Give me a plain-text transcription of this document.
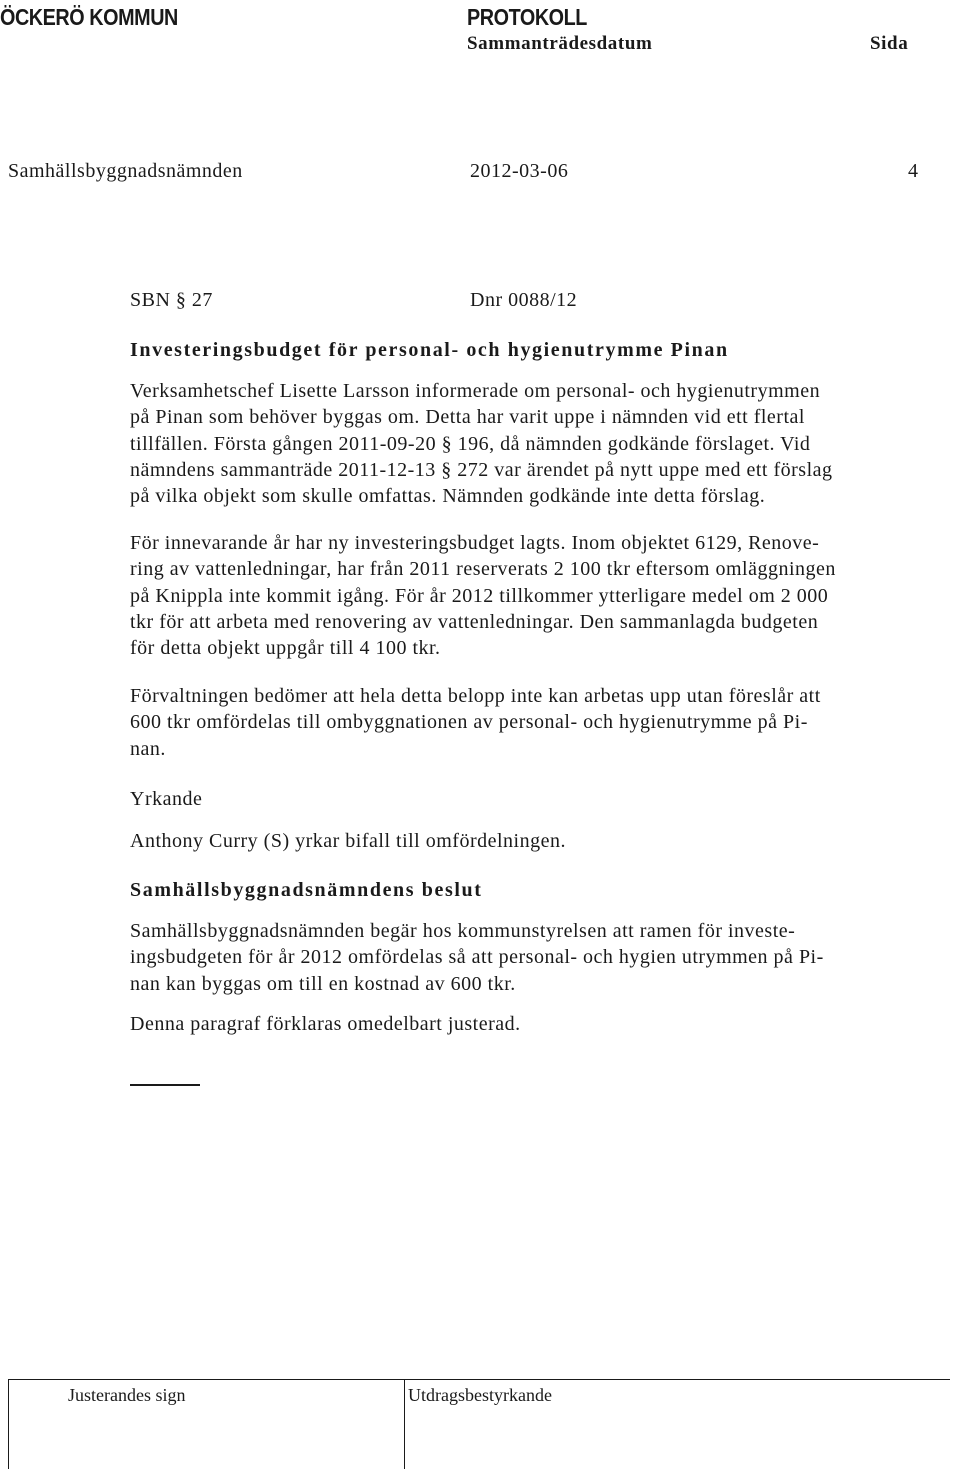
ÖCKERÖ KOMMUN	PROTOKOLL
Sammanträdesdatum	Sida
Samhällsbyggnadsnämnden	2012-03-06	4
SBN § 27	Dnr 0088/12
Investeringsbudget för personal- och hygienutrymme Pinan
Verksamhetschef Lisette Larsson informerade om personal- och hygienutrymmen
på Pinan som behöver byggas om. Detta har varit uppe i nämnden vid ett flertal
tillfällen. Första gången 2011-09-20 § 196, då nämnden godkände förslaget. Vid
nämndens sammanträde 2011-12-13 § 272 var ärendet på nytt uppe med ett förslag
på vilka objekt som skulle omfattas. Nämnden godkände inte detta förslag.
För innevarande år har ny investeringsbudget lagts. Inom objektet 6129, Renove-
ring av vattenledningar, har från 2011 reserverats 2 100 tkr eftersom omläggningen
på Knippla inte kommit igång. För år 2012 tillkommer ytterligare medel om 2 000
tkr för att arbeta med renovering av vattenledningar. Den sammanlagda budgeten
för detta objekt uppgår till 4 100 tkr.
Förvaltningen bedömer att hela detta belopp inte kan arbetas upp utan föreslår att
600 tkr omfördelas till ombyggnationen av personal- och hygienutrymme på Pi-
nan.
Yrkande
Anthony Curry (S) yrkar bifall till omfördelningen.
Samhällsbyggnadsnämndens beslut
Samhällsbyggnadsnämnden begär hos kommunstyrelsen att ramen för investe-
ingsbudgeten för år 2012 omfördelas så att personal- och hygien utrymmen på Pi-
nan kan byggas om till en kostnad av 600 tkr.
Denna paragraf förklaras omedelbart justerad.
Justerandes sign	Utdragsbestyrkande
